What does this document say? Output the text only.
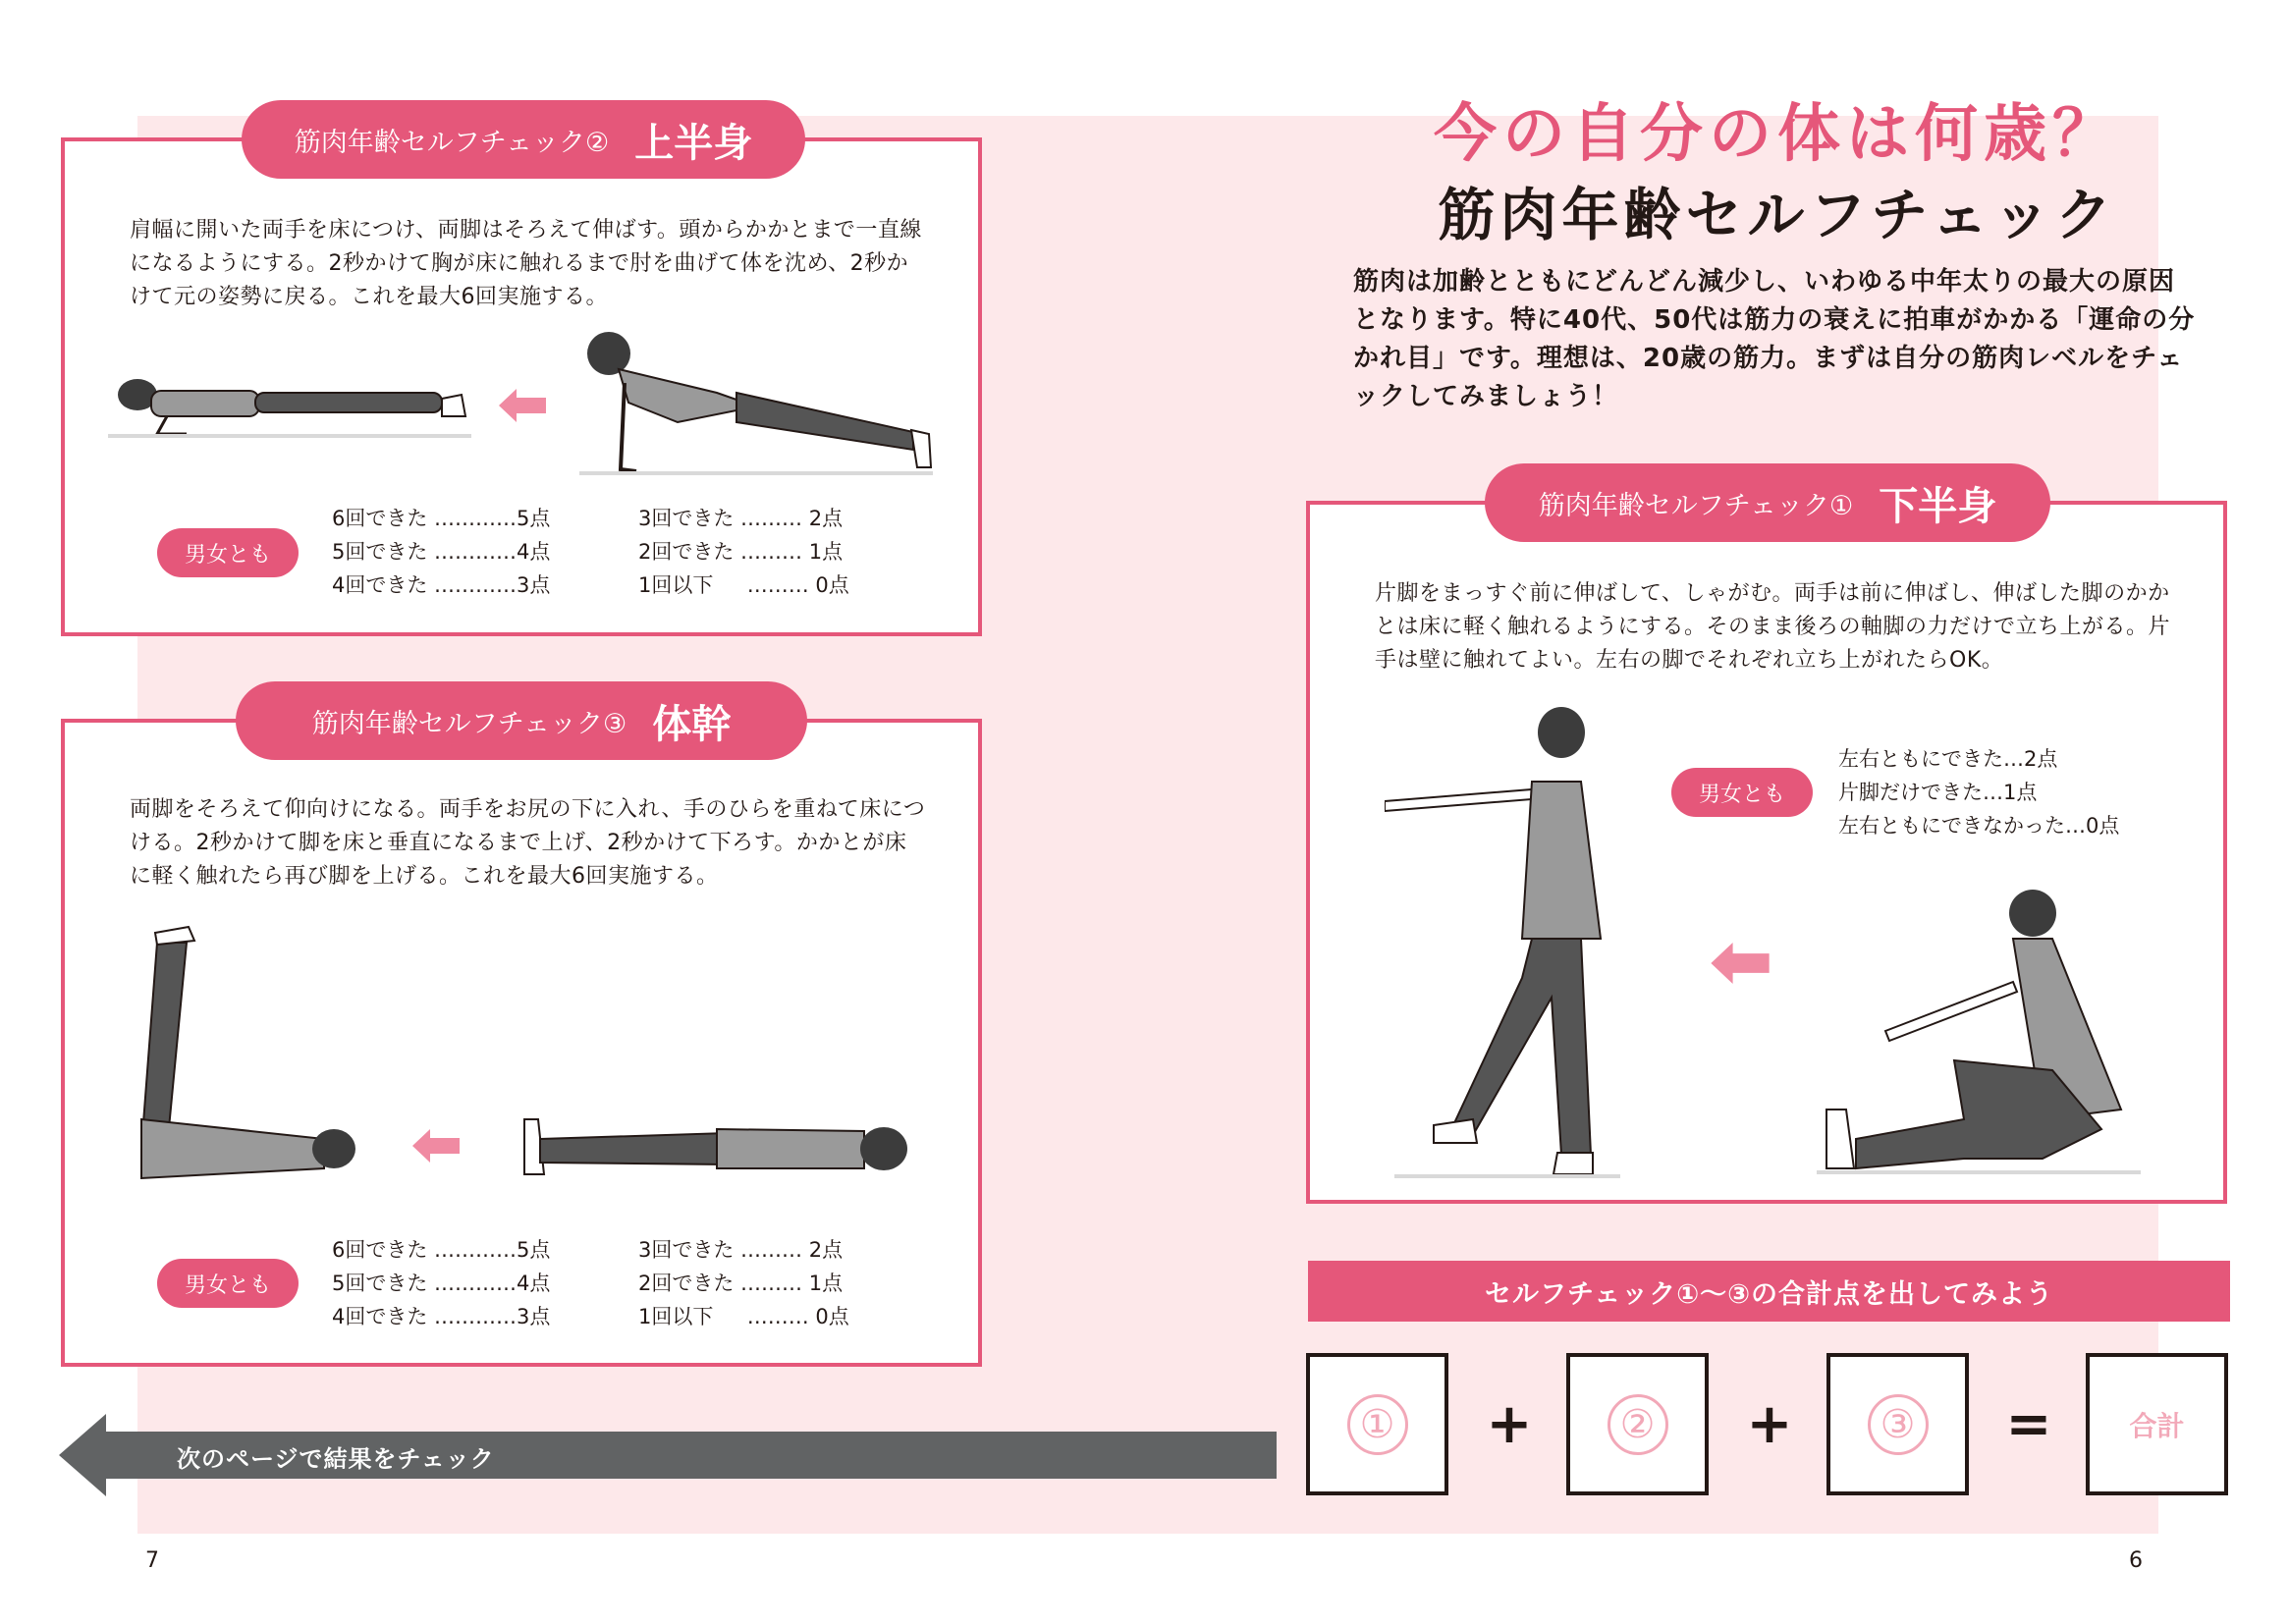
筋肉年齢セルフチェック② 上半身
肩幅に開いた両手を床につけ、両脚はそろえて伸ばす。頭からかかとまで一直線になるようにする。2秒かけて胸が床に触れるまで肘を曲げて体を沈め、2秒かけて元の姿勢に戻る。これを最大6回実施する。
男女とも
6回できた …………5点
5回できた …………4点
4回できた …………3点
3回できた ……… 2点
2回できた ……… 1点
1回以下 　 ……… 0点
筋肉年齢セルフチェック③ 体幹
両脚をそろえて仰向けになる。両手をお尻の下に入れ、手のひらを重ねて床につける。2秒かけて脚を床と垂直になるまで上げ、2秒かけて下ろす。かかとが床に軽く触れたら再び脚を上げる。これを最大6回実施する。
男女とも
6回できた …………5点
5回できた …………4点
4回できた …………3点
3回できた ……… 2点
2回できた ……… 1点
1回以下 　 ……… 0点
次のページで結果をチェック
今の自分の体は何歳？
筋肉年齢セルフチェック
筋肉は加齢とともにどんどん減少し、いわゆる中年太りの最大の原因となります。特に40代、50代は筋力の衰えに拍車がかかる「運命の分かれ目」です。理想は、20歳の筋力。まずは自分の筋肉レベルをチェックしてみましょう！
筋肉年齢セルフチェック① 下半身
片脚をまっすぐ前に伸ばして、しゃがむ。両手は前に伸ばし、伸ばした脚のかかとは床に軽く触れるようにする。そのまま後ろの軸脚の力だけで立ち上がる。片手は壁に触れてよい。左右の脚でそれぞれ立ち上がれたらOK。
男女とも
左右ともにできた…2点
片脚だけできた…1点
左右ともにできなかった…0点
セルフチェック①〜③の合計点を出してみよう
① +	② +	③ =	合計
7	6
